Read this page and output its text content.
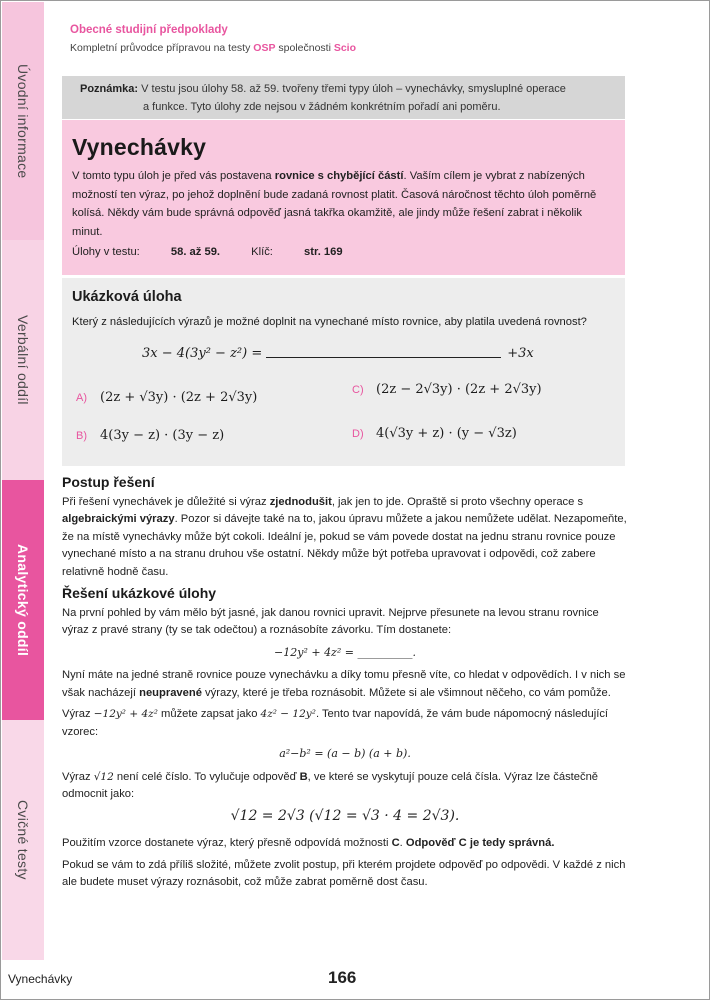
Úvodní informace
Verbální oddíl
Analytický oddíl
Cvičné testy
Obecné studijní předpoklady
Kompletní průvodce přípravou na testy OSP společnosti Scio
Poznámka: V testu jsou úlohy 58. až 59. tvořeny třemi typy úloh – vynechávky, smysluplné operace
a funkce. Tyto úlohy zde nejsou v žádném konkrétním pořadí ani poměru.
Vynechávky

V tomto typu úloh je před vás postavena rovnice s chybějící částí. Vaším cílem je vybrat z nabízených možností ten výraz, po jehož doplnění bude zadaná rovnost platit. Časová náročnost těchto úloh poměrně kolísá. Někdy vám bude správná odpověď jasná takřka okamžitě, ale jindy může řešení zabrat i několik minut.

Úlohy v testu:	58. až 59.	Klíč:	str. 169

Ukázková úloha

Který z následujících výrazů je možné doplnit na vynechané místo rovnice, aby platila uvedená rovnost?

3x − 4(3y² − z²) =	+3x
A)	(2z + √3y) · (2z + 2√3y)
C) (2z − 2√3y) · (2z + 2√3y)
B)	4(3y − z) · (3y − z)	D) 4(√3y + z) · (y − √3z)
Postup řešení

Při řešení vynechávek je důležité si výraz zjednodušit, jak jen to jde. Opraště si proto všechny operace s algebraickými výrazy. Pozor si dávejte také na to, jakou úpravu můžete a jakou nemůžete udělat. Nezapomeňte, že na místě vynechávky může být cokoli. Ideální je, pokud se vám povede dostat na jednu stranu rovnice pouze vynechané místo a na stranu druhou vše ostatní. Někdy může být potřeba upravovat i odpovědi, což zabere relativně hodně času.

Řešení ukázkové úlohy

Na první pohled by vám mělo být jasné, jak danou rovnici upravit. Nejprve přesunete na levou stranu rovnice výraz z pravé strany (ty se tak odečtou) a roznásobíte závorku. Tím dostanete:

−12y² + 4z² = __________.

Nyní máte na jedné straně rovnice pouze vynechávku a díky tomu přesně víte, co hledat v odpovědích. I v nich se však nacházejí neupravené výrazy, které je třeba roznásobit. Můžete si ale všimnout něčeho, co vám pomůže.

Výraz −12y² + 4z² můžete zapsat jako 4z² − 12y². Tento tvar napovídá, že vám bude nápomocný následující vzorec:

a²−b² = (a − b) (a + b).

Výraz √12 není celé číslo. To vylučuje odpověď B, ve které se vyskytují pouze celá čísla. Výraz lze částečně odmocnit jako:

√12 = 2√3 (√12 = √3 · 4 = 2√3).

Použitím vzorce dostanete výraz, který přesně odpovídá možnosti C. Odpověď C je tedy správná.

Pokud se vám to zdá příliš složité, můžete zvolit postup, při kterém projdete odpověď po odpovědi. V každé z nich ale budete muset výrazy roznásobit, což může zabrat poměrně dost času.

Vynechávky	166
